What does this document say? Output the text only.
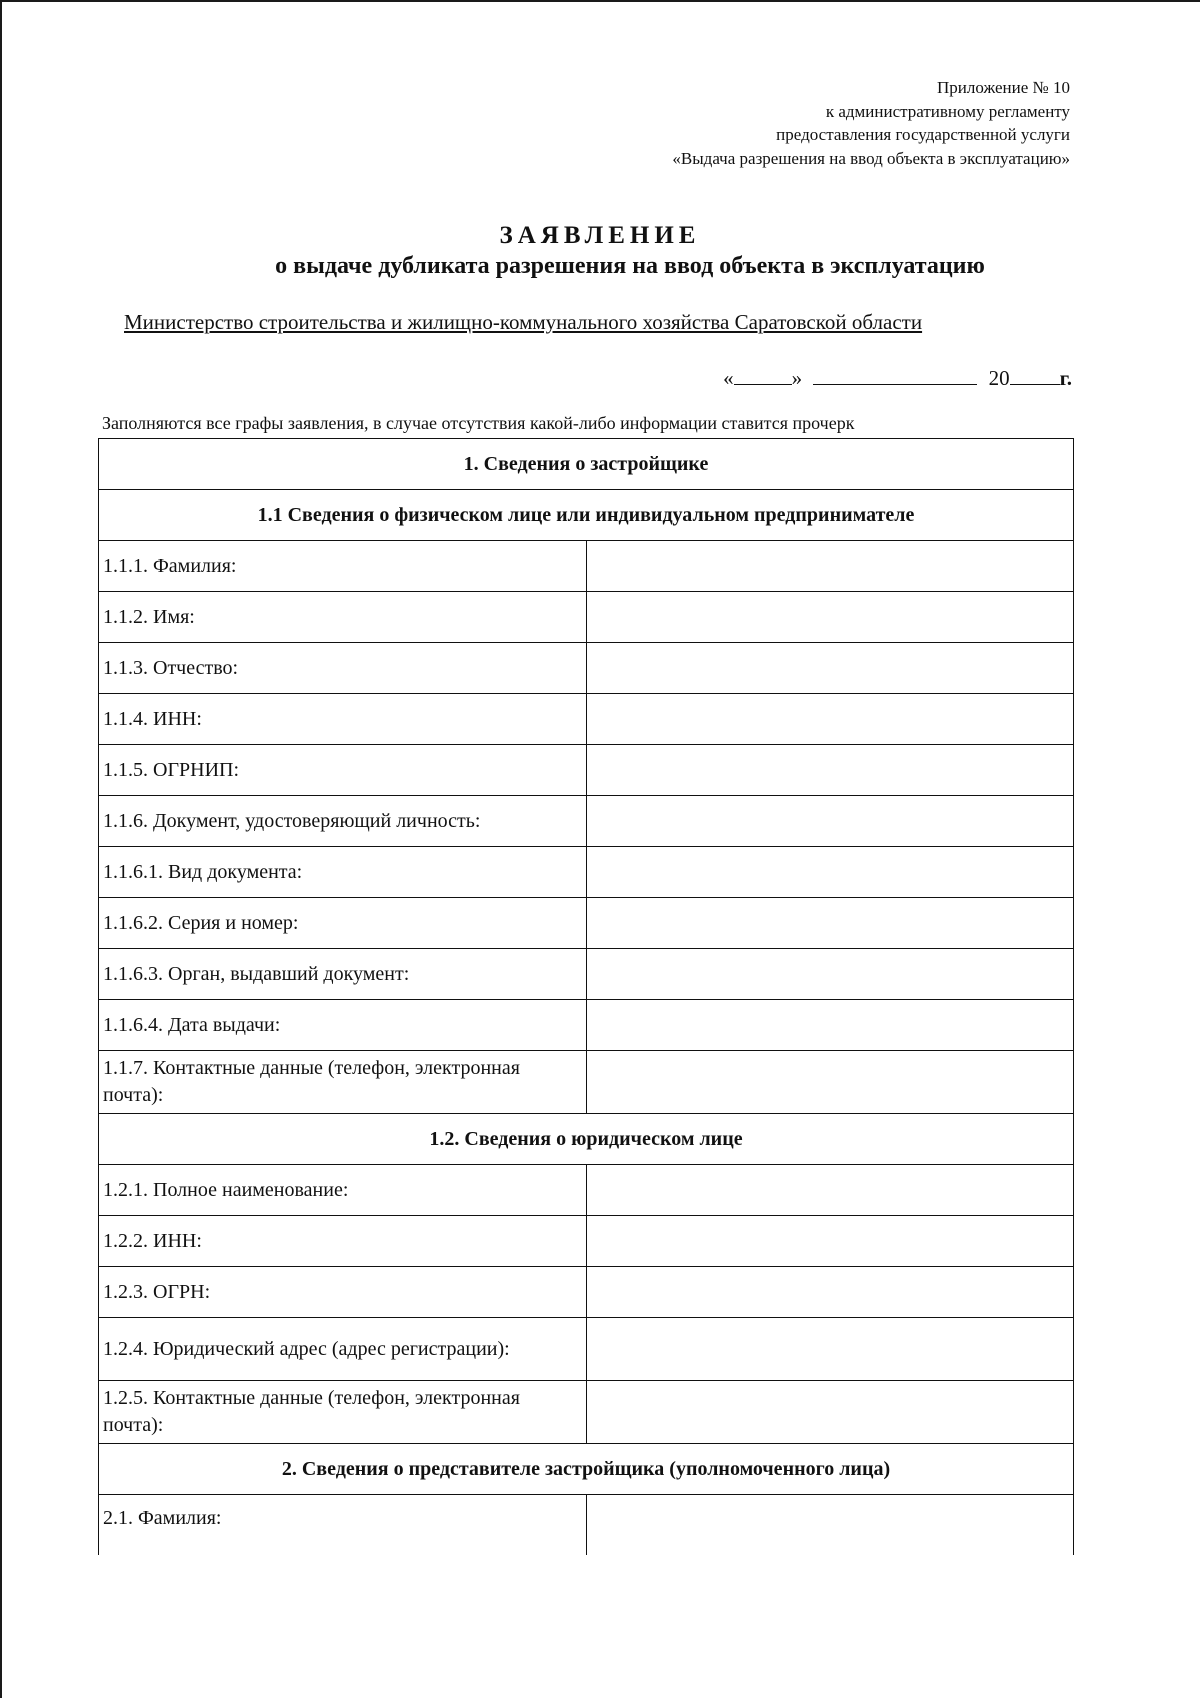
Приложение № 10
к административному регламенту
предоставления государственной услуги
«Выдача разрешения на ввод объекта в эксплуатацию»
ЗАЯВЛЕНИЕ
о выдаче дубликата разрешения на ввод объекта в эксплуатацию
Министерство строительства и жилищно-коммунального хозяйства Саратовской области
«	»	20 г.
Заполняются все графы заявления, в случае отсутствия какой-либо информации ставится прочерк
1. Сведения о застройщике	
1.1 Сведения о физическом лице или индивидуальном предпринимателе	
1.1.1. Фамилия:	
1.1.2. Имя:	
1.1.3. Отчество:	
1.1.4. ИНН:	
1.1.5. ОГРНИП:	
1.1.6. Документ, удостоверяющий личность:	
1.1.6.1. Вид документа:	
1.1.6.2. Серия и номер:	
1.1.6.3. Орган, выдавший документ:	
1.1.6.4. Дата выдачи:	
1.1.7. Контактные данные (телефон, электронная почта):	
1.2. Сведения о юридическом лице	
1.2.1. Полное наименование:	
1.2.2. ИНН:	
1.2.3. ОГРН:	
1.2.4. Юридический адрес (адрес регистрации):	
1.2.5. Контактные данные (телефон, электронная почта):	
2. Сведения о представителе застройщика (уполномоченного лица)	
2.1. Фамилия:	
